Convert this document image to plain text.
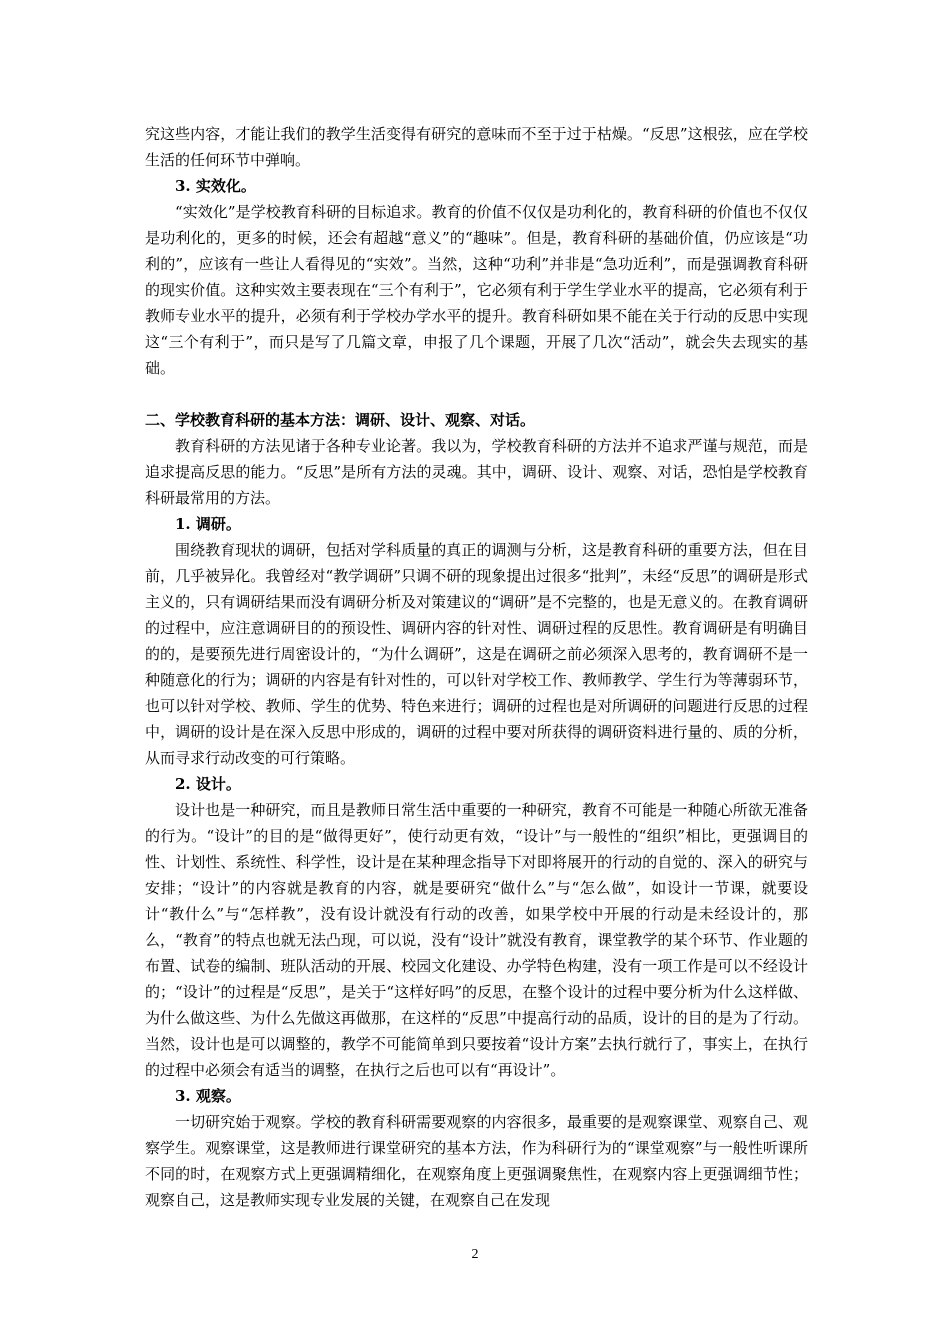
究这些内容，才能让我们的教学生活变得有研究的意味而不至于过于枯燥。“反思”这根弦，应在学校生活的任何环节中弹响。

3. 实效化。

“实效化”是学校教育科研的目标追求。教育的价值不仅仅是功利化的，教育科研的价值也不仅仅是功利化的，更多的时候，还会有超越“意义”的“趣味”。但是，教育科研的基础价值，仍应该是“功利的”，应该有一些让人看得见的“实效”。当然，这种“功利”并非是“急功近利”，而是强调教育科研的现实价值。这种实效主要表现在“三个有利于”，它必须有利于学生学业水平的提高，它必须有利于教师专业水平的提升，必须有利于学校办学水平的提升。教育科研如果不能在关于行动的反思中实现这“三个有利于”，而只是写了几篇文章，申报了几个课题，开展了几次“活动”，就会失去现实的基础。

二、学校教育科研的基本方法：调研、设计、观察、对话。

教育科研的方法见诸于各种专业论著。我以为，学校教育科研的方法并不追求严谨与规范，而是追求提高反思的能力。“反思”是所有方法的灵魂。其中，调研、设计、观察、对话，恐怕是学校教育科研最常用的方法。

1. 调研。

围绕教育现状的调研，包括对学科质量的真正的调测与分析，这是教育科研的重要方法，但在目前，几乎被异化。我曾经对“教学调研”只调不研的现象提出过很多“批判”，未经“反思”的调研是形式主义的，只有调研结果而没有调研分析及对策建议的“调研”是不完整的，也是无意义的。在教育调研的过程中，应注意调研目的的预设性、调研内容的针对性、调研过程的反思性。教育调研是有明确目的的，是要预先进行周密设计的，“为什么调研”，这是在调研之前必须深入思考的，教育调研不是一种随意化的行为；调研的内容是有针对性的，可以针对学校工作、教师教学、学生行为等薄弱环节，也可以针对学校、教师、学生的优势、特色来进行；调研的过程也是对所调研的问题进行反思的过程中，调研的设计是在深入反思中形成的，调研的过程中要对所获得的调研资料进行量的、质的分析，从而寻求行动改变的可行策略。

2. 设计。

设计也是一种研究，而且是教师日常生活中重要的一种研究，教育不可能是一种随心所欲无准备的行为。“设计”的目的是“做得更好”，使行动更有效，“设计”与一般性的“组织”相比，更强调目的性、计划性、系统性、科学性，设计是在某种理念指导下对即将展开的行动的自觉的、深入的研究与安排；“设计”的内容就是教育的内容，就是要研究“做什么”与“怎么做”，如设计一节课，就要设计“教什么”与“怎样教”，没有设计就没有行动的改善，如果学校中开展的行动是未经设计的，那么，“教育”的特点也就无法凸现，可以说，没有“设计”就没有教育，课堂教学的某个环节、作业题的布置、试卷的编制、班队活动的开展、校园文化建设、办学特色构建，没有一项工作是可以不经设计的；“设计”的过程是“反思”，是关于“这样好吗”的反思，在整个设计的过程中要分析为什么这样做、为什么做这些、为什么先做这再做那，在这样的“反思”中提高行动的品质，设计的目的是为了行动。当然，设计也是可以调整的，教学不可能简单到只要按着“设计方案”去执行就行了，事实上，在执行的过程中必须会有适当的调整，在执行之后也可以有“再设计”。

3. 观察。

一切研究始于观察。学校的教育科研需要观察的内容很多，最重要的是观察课堂、观察自己、观察学生。观察课堂，这是教师进行课堂研究的基本方法，作为科研行为的“课堂观察”与一般性听课所不同的时，在观察方式上更强调精细化，在观察角度上更强调聚焦性，在观察内容上更强调细节性；观察自己，这是教师实现专业发展的关键，在观察自己在发现

2
